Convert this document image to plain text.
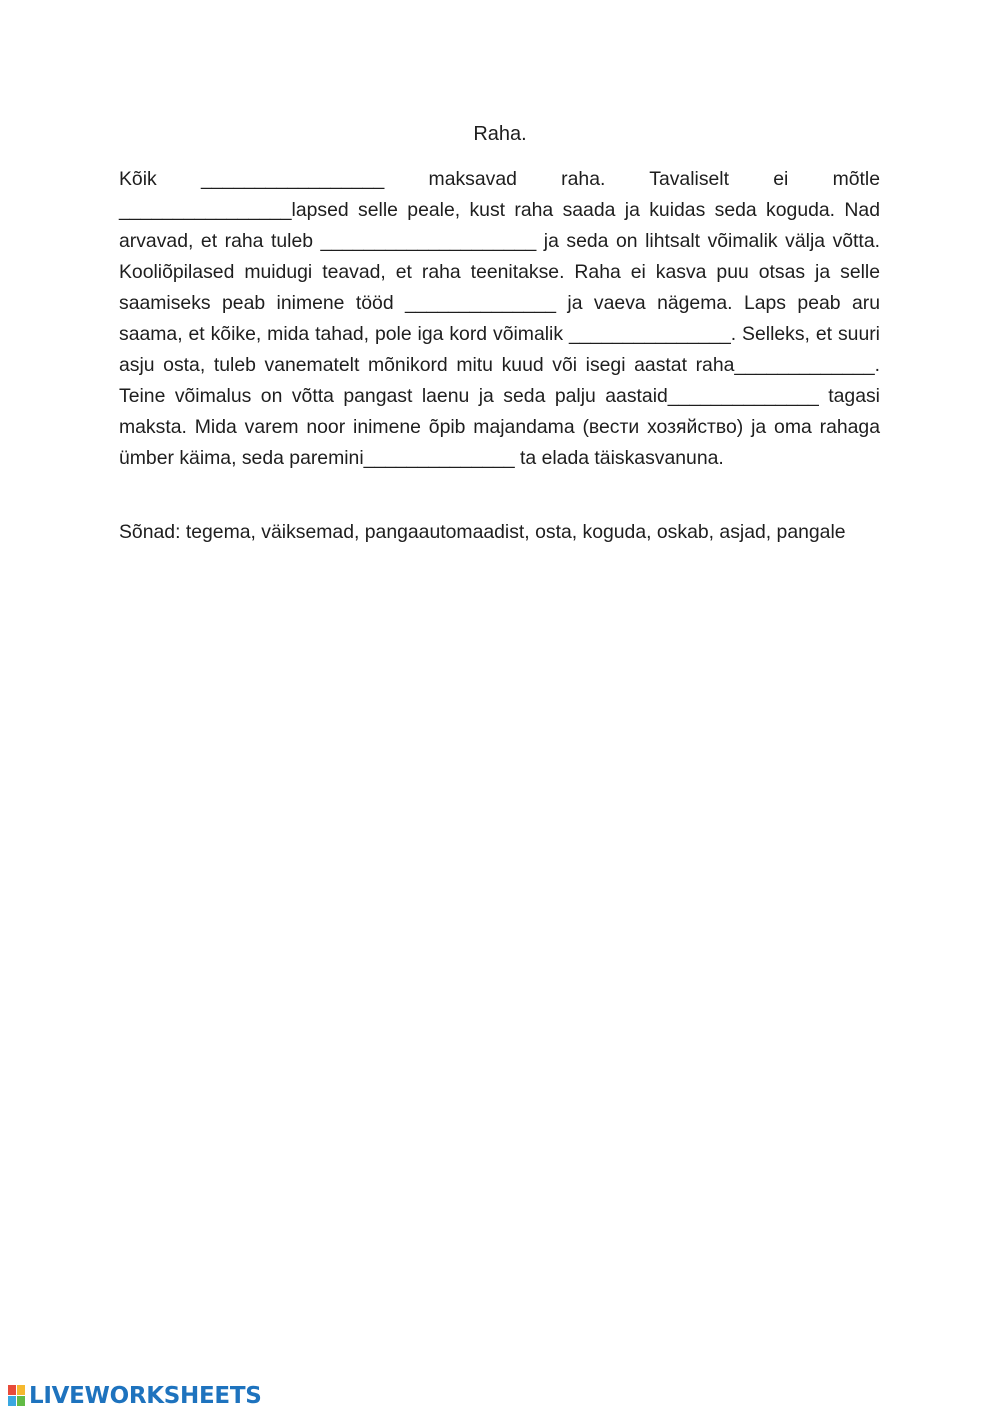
Raha.

Kõik _________________ maksavad raha. Tavaliselt ei mõtle ________________lapsed selle peale, kust raha saada ja kuidas seda koguda. Nad arvavad, et raha tuleb ____________________ ja seda on lihtsalt võimalik välja võtta. Kooliõpilased muidugi teavad, et raha teenitakse. Raha ei kasva puu otsas ja selle saamiseks peab inimene tööd ______________ ja vaeva nägema. Laps peab aru saama, et kõike, mida tahad, pole iga kord võimalik _______________. Selleks, et suuri asju osta, tuleb vanematelt mõnikord mitu kuud või isegi aastat raha_____________. Teine võimalus on võtta pangast laenu ja seda palju aastaid______________ tagasi maksta. Mida varem noor inimene õpib majandama (вести хозяйство) ja oma rahaga ümber käima, seda paremini______________ ta elada täiskasvanuna.

Sõnad: tegema, väiksemad, pangaautomaadist, osta, koguda, oskab, asjad, pangale

LIVEWORKSHEETS
